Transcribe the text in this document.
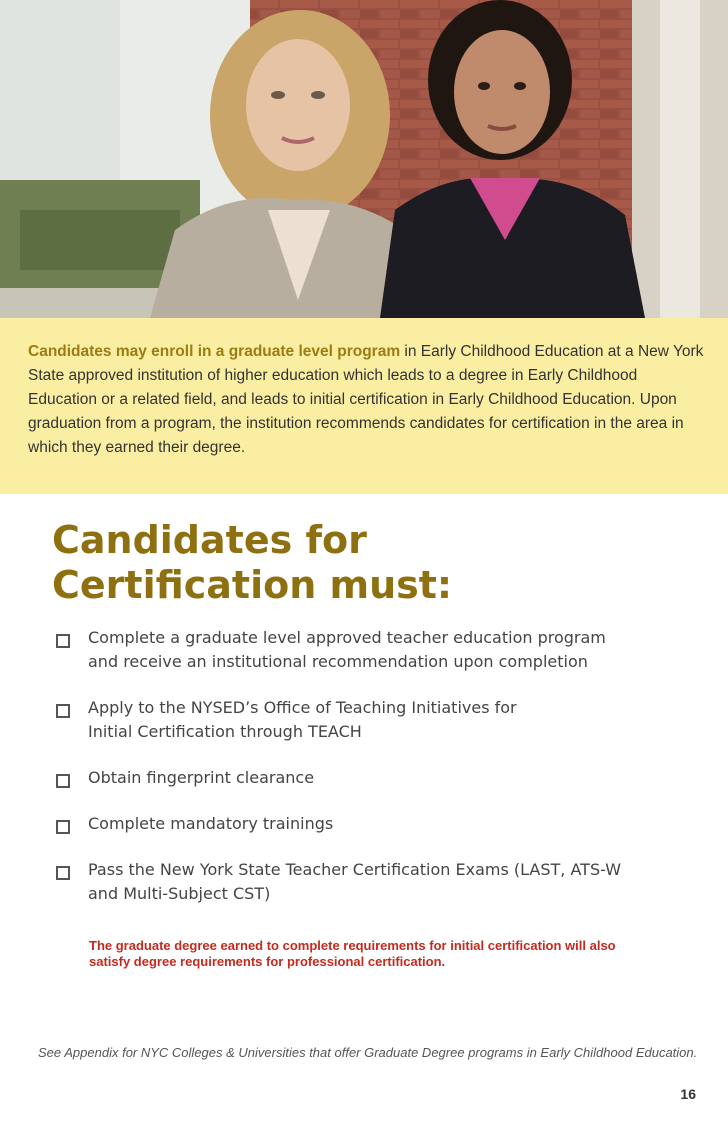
Candidates may enroll in a graduate level program in Early Childhood Education at a New York State approved institution of higher education which leads to a degree in Early Childhood Education or a related field, and leads to initial certification in Early Childhood Education. Upon graduation from a program, the institution recommends candidates for certification in the area in which they earned their degree.

Candidates for
Certification must:
Complete a graduate level approved teacher education program
and receive an institutional recommendation upon completion
Apply to the NYSED’s Office of Teaching Initiatives for
Initial Certification through TEACH
Obtain fingerprint clearance
Complete mandatory trainings
Pass the New York State Teacher Certification Exams (LAST, ATS-W
and Multi-Subject CST)

The graduate degree earned to complete requirements for initial certification will also
satisfy degree requirements for professional certification.

See Appendix for NYC Colleges & Universities that offer Graduate Degree programs in Early Childhood Education.

16
